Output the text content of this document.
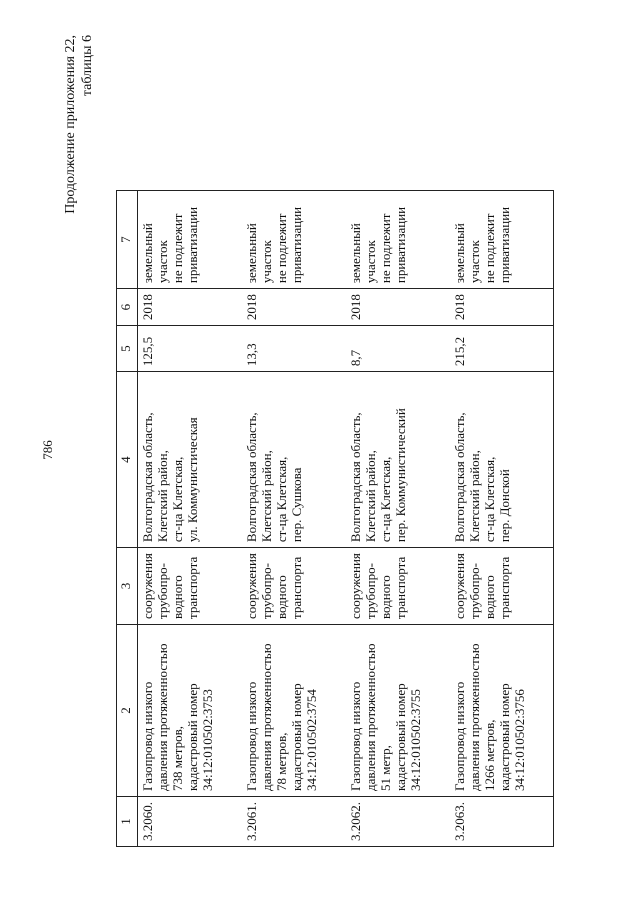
786
Продолжение приложения 22, таблицы 6
1	2	3	4	5	6	7
3.2060.	Газопровод низкого давления протяженностью 738 метров, кадастровый номер 34:12:010502:3753	сооружения трубопро- водного транспорта	Волгоградская область, Клетский район, ст-ца Клетская, ул. Коммунистическая	125,5	2018	земельный участок не подлежит приватизации

3.2061.	Газопровод низкого давления протяженностью 78 метров, кадастровый номер 34:12:010502:3754	сооружения трубопро- водного транспорта	Волгоградская область, Клетский район, ст-ца Клетская, пер. Сушкова	13,3	2018	земельный участок не подлежит приватизации

3.2062.	Газопровод низкого давления протяженностью 51 метр, кадастровый номер 34:12:010502:3755	сооружения трубопро- водного транспорта	Волгоградская область, Клетский район, ст-ца Клетская, пер. Коммунистический	8,7	2018	земельный участок не подлежит приватизации

3.2063.	Газопровод низкого давления протяженностью 1266 метров, кадастровый номер 34:12:010502:3756	сооружения трубопро- водного транспорта	Волгоградская область, Клетский район, ст-ца Клетская, пер. Донской	215,2	2018	земельный участок не подлежит приватизации
